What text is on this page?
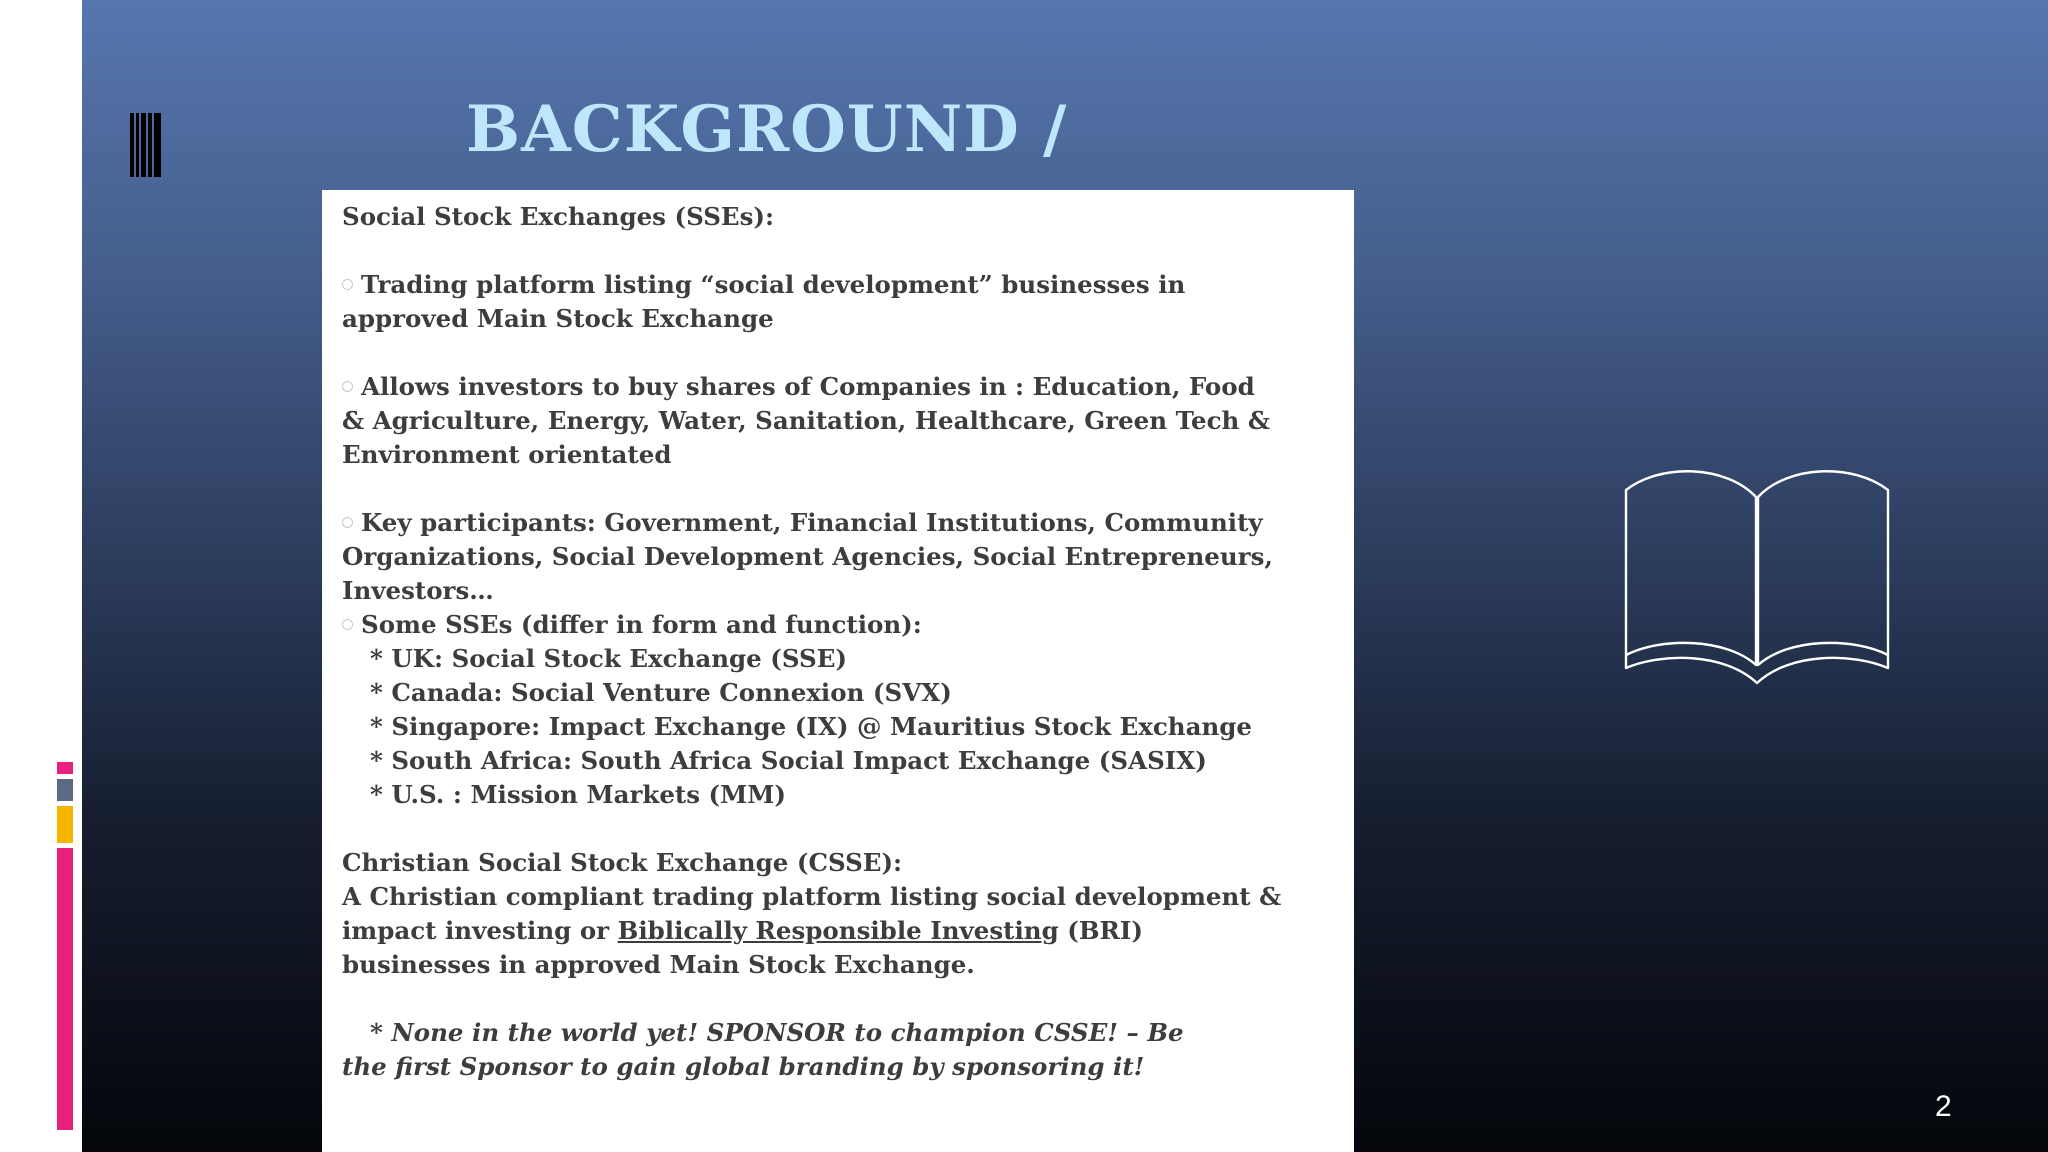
BACKGROUND /

Social Stock Exchanges (SSEs):

Trading platform listing “social development” businesses in

approved Main Stock Exchange

Allows investors to buy shares of Companies in : Education, Food

& Agriculture, Energy, Water, Sanitation, Healthcare, Green Tech &

Environment orientated

Key participants: Government, Financial Institutions, Community

Organizations, Social Development Agencies, Social Entrepreneurs,

Investors…

Some SSEs (differ in form and function):

* UK: Social Stock Exchange (SSE)

* Canada: Social Venture Connexion (SVX)

* Singapore: Impact Exchange (IX) @ Mauritius Stock Exchange

* South Africa: South Africa Social Impact Exchange (SASIX)

* U.S. : Mission Markets (MM)

Christian Social Stock Exchange (CSSE):

A Christian compliant trading platform listing social development &

impact investing or Biblically Responsible Investing (BRI)

businesses in approved Main Stock Exchange.

* None in the world yet! SPONSOR to champion CSSE! – Be

the first Sponsor to gain global branding by sponsoring it!

2
